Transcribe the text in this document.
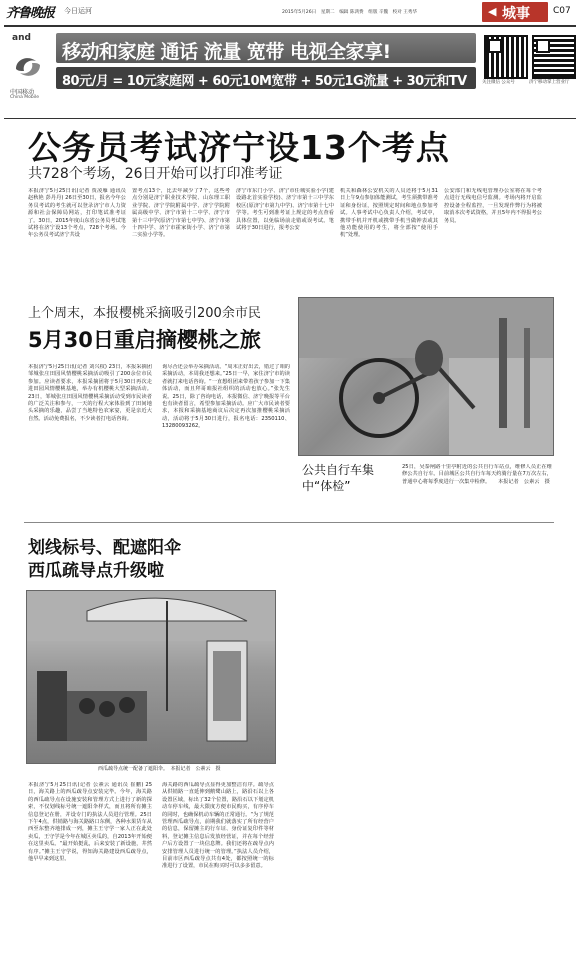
齐鲁晚报 今日运河	2015年5月26日　星期二　编辑 陈鸿费　组版 辛魏　校对 王秀华	◀ 城事	C07
中国移动
China Mobile
and
移动和家庭 通话 流量 宽带 电视全家享!
80元/月 = 10元家庭网 + 60元10M宽带 + 50元1G流量 + 30元和TV	关注微信 公众号	济宁移动掌上营业厅
公务员考试济宁设13个考点
共728个考场，26日开始可以打印准考证
本报济宁5月25日讯(记者 贾凌雁 通讯员 赵秋艳 彭丹丹) 26日至30日，报名今年公务员考试的考生就可以登录济宁市人力资源和社会保障局网站，打印笔试准考证了。30日，2015年度山东省公务员考试笔试将在济宁设13个考点，728个考场。今年公务员考试济宁共设
置考点13个，比去年减少了7个，这些考点分别是济宁职业技术学院、山东理工职业学院、济宁学院附属中学、济宁学院附属高级中学、济宁市第十二中学、济宁市第十三中学(原济宁市第七中学)、济宁市第十四中学、济宁市霍家街小学、济宁市第二实验小学等。
济宁市东门小学、济宁市任城实验小学(建设路北首实验学校)、济宁市第十三中学东校区(原济宁市第九中学)、济宁市第十七中学等。考生可到准考证上规定的考点查看具体位置，以免临场前走错或误考试。笔试将于30日进行，报考公安
机关和森林公安机关的人员还将于5月31日上午9点参加体能测试，考生须携带准考证和身份证，按照规定时间和地点参加考试。人事考试中心负责人介绍，考试中，携带手机并开机或携带手机当做钟表或其他功能使用的考生，将全部按“使用手机”处理。
公安部门和无线电管理办公室将在每个考点进行无线电信号监测。考场内将开启监控设备全程监控，一旦发现作弊行为将被取消本次考试资格，并且5年内不得报考公务员。
上个周末，本报樱桃采摘吸引200余市民
5月30日重启摘樱桃之旅
本报济宁5月25日讯(记者 刘兴权) 23日，本报采摘团邹城张庄田园风情樱桃采摘活动吸引了200余位市民参加。应读者要求，本报采摘团将于5月30日再次走进田园风情樱桃基地，举办有机樱桃大型采摘活动。23日，邹城张庄田园风情樱桃采摘活动受到市民读者的广泛关注和参与，一天的行程大家体验到了田间地头采摘的乐趣，品尝了当地特色农家宴，更是亲近大自然。活动免费报名，不少读者打电话咨询。
询尽否还会举办采摘活动。“周末正好出去，错过了咱的采摘活动，本周我还想来。”25日一早，家住济宁市的读者就打来电话咨询。“一直想组团来带着孩子参加一下集体活动，而且拜哥咱报社组织的活动也放心。”张先生说。25日，除了咨询电话，本报微信、济宁晚报等平台也有读者留言，希望参加采摘活动。应广大市民读者要求，本报和采摘基地商议后决定再次加推樱桃采摘活动，活动将于5月30日进行，报名电话：2350110、13280093262。
公共自行车集中“体检”
25日，吴泰闸路十里亭附近的公共自行车站点，维修人员正在维修公共自行车。目前城区公共自行车每天约骑行量在7万次左右，普通中心将每季度进行一次集中检修。　　本报记者　公素云　摄
划线标号、配遮阳伞
西瓜疏导点升级啦
西瓜疏导点统一配备了遮阳伞。　本报记者　公素云　摄
本报济宁5月25日讯(记者 公素云 通讯员 崔鹏) 25日，海关路上的西瓜疏导点安装完毕。今年，海关路的西瓜疏导点在设施安装和管理方式上进行了新的探索，不仅划线标号统一遮阳伞样式，而且将所有摊主信息登记在册，并设专门的执法人员进行管理。25日下午4点，供销路与海关路路口东侧，各种水果货车从西至东整齐地排成一列，摊主王守学一家人正在此处卖瓜，王守学是今年在城区卖瓜的，自2013年开始便在这里卖瓜。“最开始挺乱，后来安装了新设施，井然有序。”摊主王守学说，得知海关路建设西瓜疏导点，他早早来到这里。
海关路的西瓜疏导点显得更加整洁有序。疏导点从供销路一直延伸到鹅鹭山路上，路沿石以上各设置区域，标出了32个位置，路沿石以下划定机动车停车线，最大限度方便市民购买，有序停车的同时，也确保机动车辆的正常通行。“为了规范管理西瓜疏导点，前期我们就落实了所有经营户的信息，保留摊主的行车证、身份证复印件等材料，登记摊主信息后发放经营证，并在每个经营户后方设置了一块信息牌。我们还将在疏导点内安排管理人员进行统一的管理。”执法人员介绍，目前市区西瓜疏导点共有4处，都按照统一的标准进行了设置，市民在购买时可以多多留意。
